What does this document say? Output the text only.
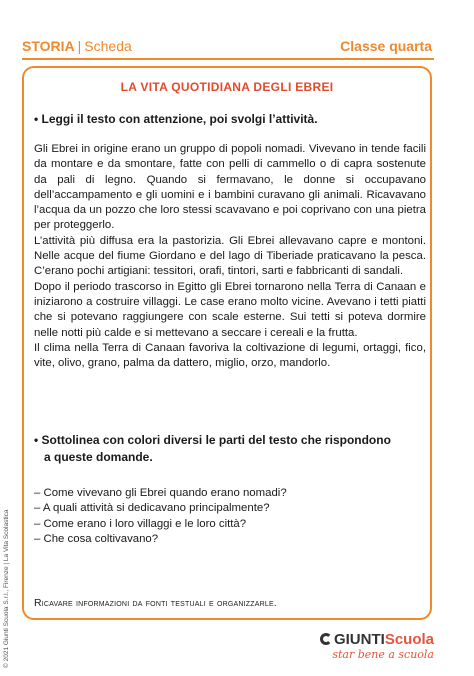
STORIA | Scheda	Classe quarta
LA VITA QUOTIDIANA DEGLI EBREI
• Leggi il testo con attenzione, poi svolgi l’attività.

Gli Ebrei in origine erano un gruppo di popoli nomadi. Vivevano in tende facili da montare e da smontare, fatte con pelli di cammello o di capra sostenute da pali di legno. Quando si fermavano, le donne si occupavano dell’accampamento e gli uomini e i bambini curavano gli animali. Ricavavano l’acqua da un pozzo che loro stessi scavavano e poi coprivano con una pietra per proteggerlo.

L’attività più diffusa era la pastorizia. Gli Ebrei allevavano capre e montoni. Nelle acque del fiume Giordano e del lago di Tiberiade praticavano la pesca. C’erano pochi artigiani: tessitori, orafi, tintori, sarti e fabbricanti di sandali.

Dopo il periodo trascorso in Egitto gli Ebrei tornarono nella Terra di Canaan e iniziarono a costruire villaggi. Le case erano molto vicine. Avevano i tetti piatti che si potevano raggiungere con scale esterne. Sui tetti si poteva dormire nelle notti più calde e si mettevano a seccare i cereali e la frutta.

Il clima nella Terra di Canaan favoriva la coltivazione di legumi, ortaggi, fico, vite, olivo, grano, palma da dattero, miglio, orzo, mandorlo.

• Sottolinea con colori diversi le parti del testo che rispondono
a queste domande.
– Come vivevano gli Ebrei quando erano nomadi?
– A quali attività si dedicavano principalmente?
– Come erano i loro villaggi e le loro città?
– Che cosa coltivavano?
Ricavare informazioni da fonti testuali e organizzarle.
© 2021 Giunti Scuola S.r.l., Firenze | La Vita Scolastica	GIUNTIScuola
star bene a scuola
